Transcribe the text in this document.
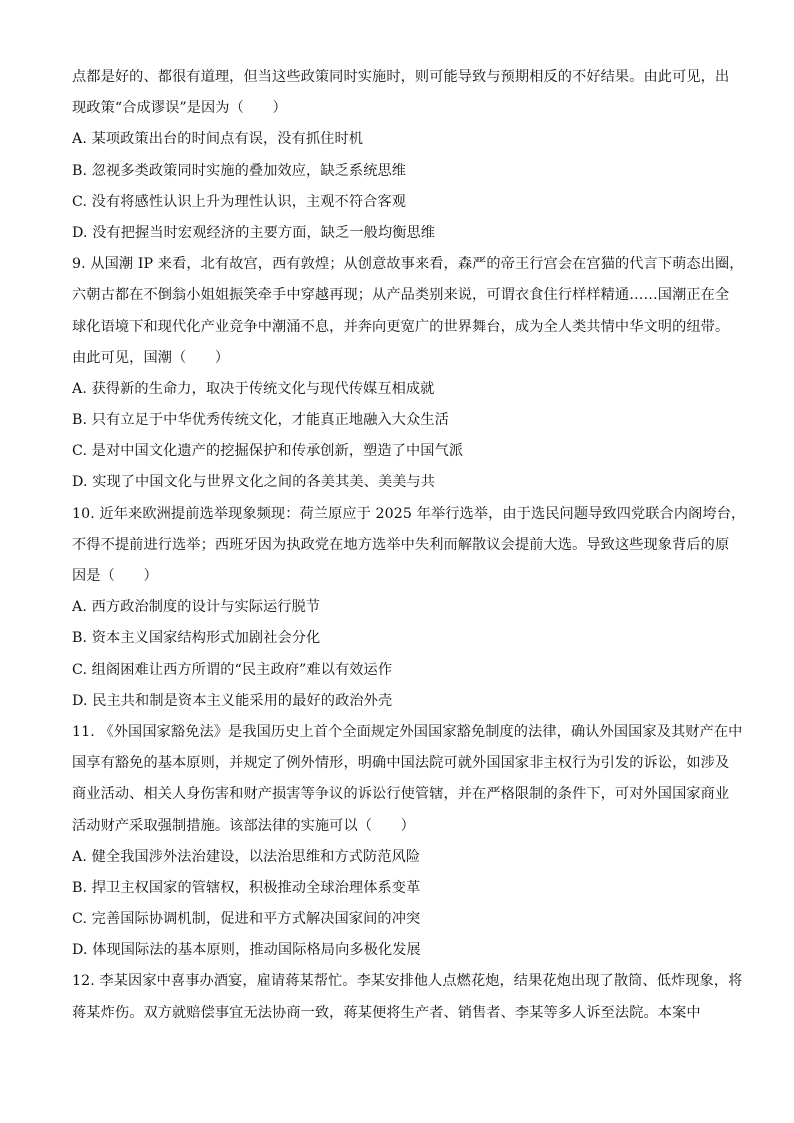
点都是好的、都很有道理，但当这些政策同时实施时，则可能导致与预期相反的不好结果。由此可见，出
现政策“合成谬误”是因为（　　）
A. 某项政策出台的时间点有误，没有抓住时机
B. 忽视多类政策同时实施的叠加效应，缺乏系统思维
C. 没有将感性认识上升为理性认识，主观不符合客观
D. 没有把握当时宏观经济的主要方面，缺乏一般均衡思维
9. 从国潮 IP 来看，北有故宫，西有敦煌；从创意故事来看，森严的帝王行宫会在宫猫的代言下萌态出圈，
六朝古都在不倒翁小姐姐振笑牵手中穿越再现；从产品类别来说，可谓衣食住行样样精通……国潮正在全
球化语境下和现代化产业竞争中潮涌不息，并奔向更宽广的世界舞台，成为全人类共情中华文明的纽带。
由此可见，国潮（　　）
A. 获得新的生命力，取决于传统文化与现代传媒互相成就
B. 只有立足于中华优秀传统文化，才能真正地融入大众生活
C. 是对中国文化遗产的挖掘保护和传承创新，塑造了中国气派
D. 实现了中国文化与世界文化之间的各美其美、美美与共
10. 近年来欧洲提前选举现象频现：荷兰原应于 2025 年举行选举，由于选民问题导致四党联合内阁垮台，
不得不提前进行选举；西班牙因为执政党在地方选举中失利而解散议会提前大选。导致这些现象背后的原
因是（　　）
A. 西方政治制度的设计与实际运行脱节
B. 资本主义国家结构形式加剧社会分化
C. 组阁困难让西方所谓的“民主政府”难以有效运作
D. 民主共和制是资本主义能采用的最好的政治外壳
11. 《外国国家豁免法》是我国历史上首个全面规定外国国家豁免制度的法律，确认外国国家及其财产在中
国享有豁免的基本原则，并规定了例外情形，明确中国法院可就外国国家非主权行为引发的诉讼，如涉及
商业活动、相关人身伤害和财产损害等争议的诉讼行使管辖，并在严格限制的条件下，可对外国国家商业
活动财产采取强制措施。该部法律的实施可以（　　）
A. 健全我国涉外法治建设，以法治思维和方式防范风险
B. 捍卫主权国家的管辖权，积极推动全球治理体系变革
C. 完善国际协调机制，促进和平方式解决国家间的冲突
D. 体现国际法的基本原则，推动国际格局向多极化发展
12. 李某因家中喜事办酒宴，雇请蒋某帮忙。李某安排他人点燃花炮，结果花炮出现了散筒、低炸现象，将
蒋某炸伤。双方就赔偿事宜无法协商一致，蒋某便将生产者、销售者、李某等多人诉至法院。本案中
